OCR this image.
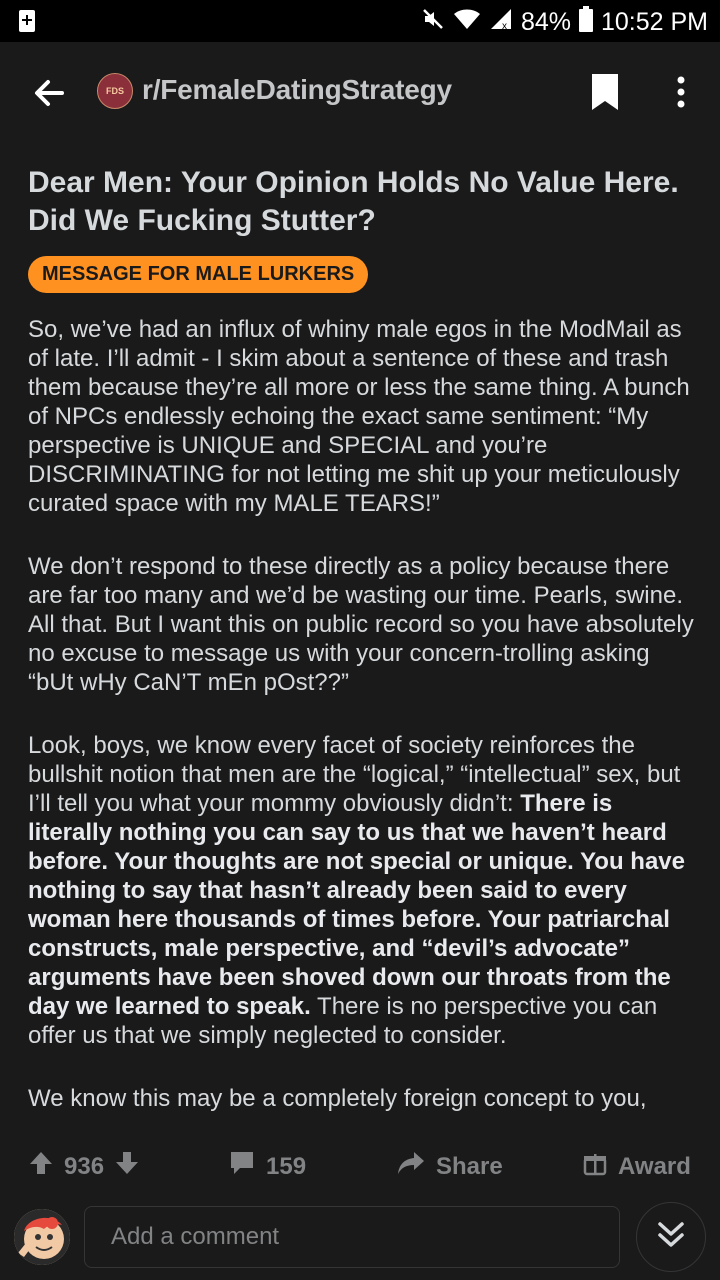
x 84% 10:52 PM
FDS r/FemaleDatingStrategy
Dear Men: Your Opinion Holds No Value Here. Did We Fucking Stutter?
MESSAGE FOR MALE LURKERS

So, we’ve had an influx of whiny male egos in the ModMail as of late. I’ll admit - I skim about a sentence of these and trash them because they’re all more or less the same thing. A bunch of NPCs endlessly echoing the exact same sentiment: “My perspective is UNIQUE and SPECIAL and you’re DISCRIMINATING for not letting me shit up your meticulously curated space with my MALE TEARS!”

We don’t respond to these directly as a policy because there are far too many and we’d be wasting our time. Pearls, swine. All that. But I want this on public record so you have absolutely no excuse to message us with your concern-trolling asking “bUt wHy CaN’T mEn pOst??”

Look, boys, we know every facet of society reinforces the bullshit notion that men are the “logical,” “intellectual” sex, but I’ll tell you what your mommy obviously didn’t: There is literally nothing you can say to us that we haven’t heard before. Your thoughts are not special or unique. You have nothing to say that hasn’t already been said to every woman here thousands of times before. Your patriarchal constructs, male perspective, and “devil’s advocate” arguments have been shoved down our throats from the day we learned to speak. There is no perspective you can offer us that we simply neglected to consider.

We know this may be a completely foreign concept to you,

936	159	Share	Award
Add a comment
